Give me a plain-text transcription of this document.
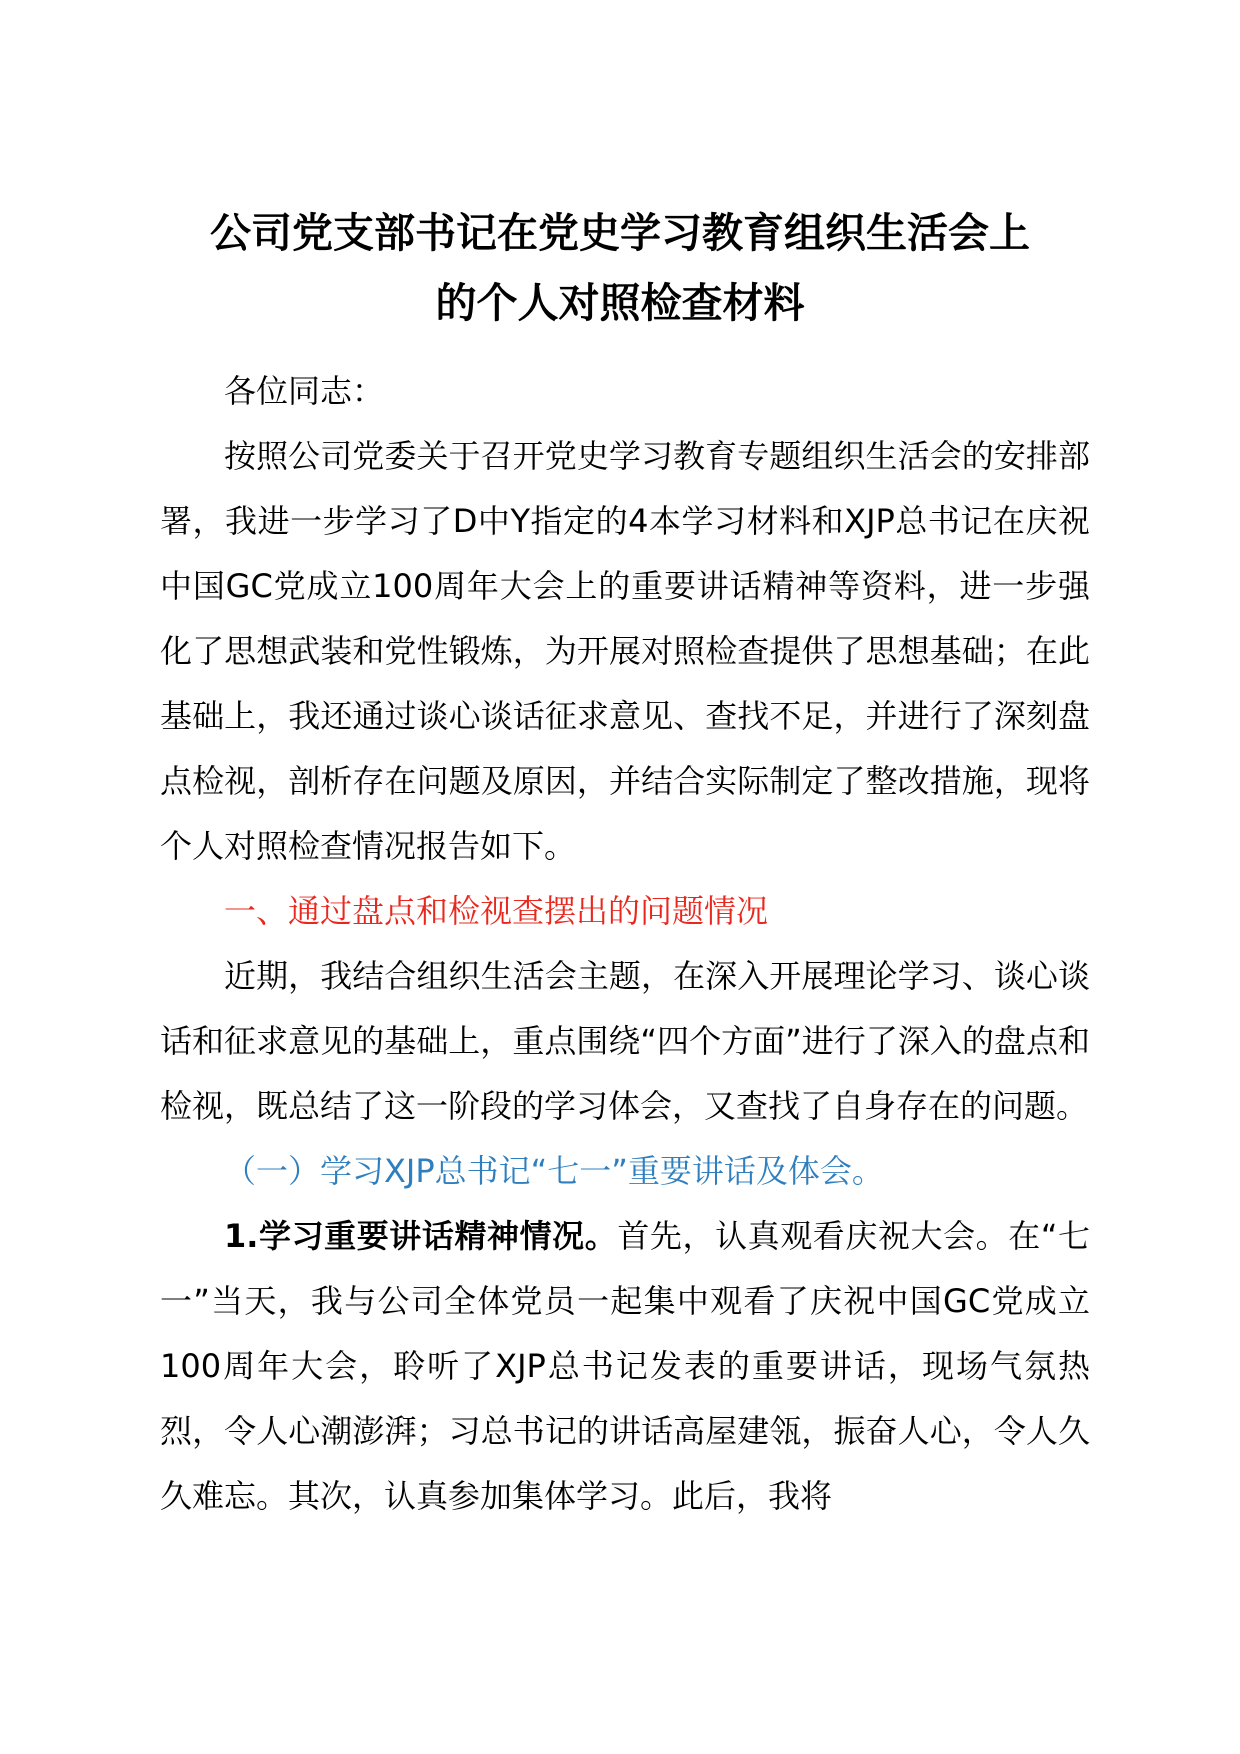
公司党支部书记在党史学习教育组织生活会上
的个人对照检查材料

各位同志：

按照公司党委关于召开党史学习教育专题组织生活会的安排部署，我进一步学习了D中Y指定的4本学习材料和XJP总书记在庆祝中国GC党成立100周年大会上的重要讲话精神等资料，进一步强化了思想武装和党性锻炼，为开展对照检查提供了思想基础；在此基础上，我还通过谈心谈话征求意见、查找不足，并进行了深刻盘点检视，剖析存在问题及原因，并结合实际制定了整改措施，现将个人对照检查情况报告如下。

一、通过盘点和检视查摆出的问题情况

近期，我结合组织生活会主题，在深入开展理论学习、谈心谈话和征求意见的基础上，重点围绕“四个方面”进行了深入的盘点和检视，既总结了这一阶段的学习体会，又查找了自身存在的问题。

（一）学习XJP总书记“七一”重要讲话及体会。

1.学习重要讲话精神情况。首先，认真观看庆祝大会。在“七一”当天，我与公司全体党员一起集中观看了庆祝中国GC党成立100周年大会，聆听了XJP总书记发表的重要讲话，现场气氛热烈，令人心潮澎湃；习总书记的讲话高屋建瓴，振奋人心，令人久久难忘。其次，认真参加集体学习。此后，我将
